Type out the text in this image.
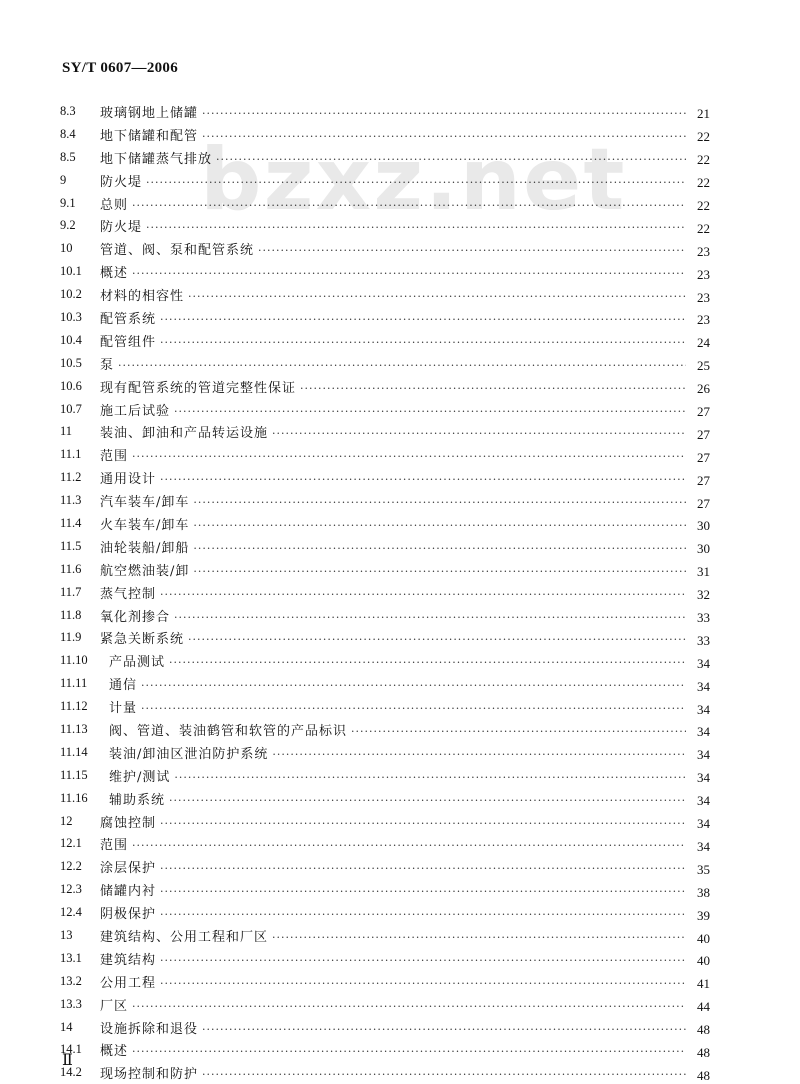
SY/T 0607—2006
bzxz.net
8.3	玻璃钢地上储罐 ·····	21
8.4	地下储罐和配管 ·····	22
8.5	地下储罐蒸气排放 ·····	22
9	防火堤 ·····	22
9.1	总则 ·····	22
9.2	防火堤 ·····	22
10	管道、阀、泵和配管系统 ·····	23
10.1	概述 ·····	23
10.2	材料的相容性 ·····	23
10.3	配管系统 ·····	23
10.4	配管组件 ·····	24
10.5	泵 ·····	25
10.6	现有配管系统的管道完整性保证 ·····	26
10.7	施工后试验 ·····	27
11	装油、卸油和产品转运设施 ·····	27
11.1	范围 ·····	27
11.2	通用设计 ·····	27
11.3	汽车装车/卸车 ·····	27
11.4	火车装车/卸车 ·····	30
11.5	油轮装船/卸船 ·····	30
11.6	航空燃油装/卸 ·····	31
11.7	蒸气控制 ·····	32
11.8	氧化剂掺合 ·····	33
11.9	紧急关断系统 ·····	33
11.10	产品测试 ·····	34
11.11	通信 ·····	34
11.12	计量 ·····	34
11.13	阀、管道、装油鹤管和软管的产品标识 ·····	34
11.14	装油/卸油区泄泊防护系统 ·····	34
11.15	维护/测试 ·····	34
11.16	辅助系统 ·····	34
12	腐蚀控制 ·····	34
12.1	范围 ·····	34
12.2	涂层保护 ·····	35
12.3	储罐内衬 ·····	38
12.4	阴极保护 ·····	39
13	建筑结构、公用工程和厂区 ·····	40
13.1	建筑结构 ·····	40
13.2	公用工程 ·····	41
13.3	厂区 ·····	44
14	设施拆除和退役 ·····	48
14.1	概述 ·····	48
14.2	现场控制和防护 ·····	48
Ⅱ
